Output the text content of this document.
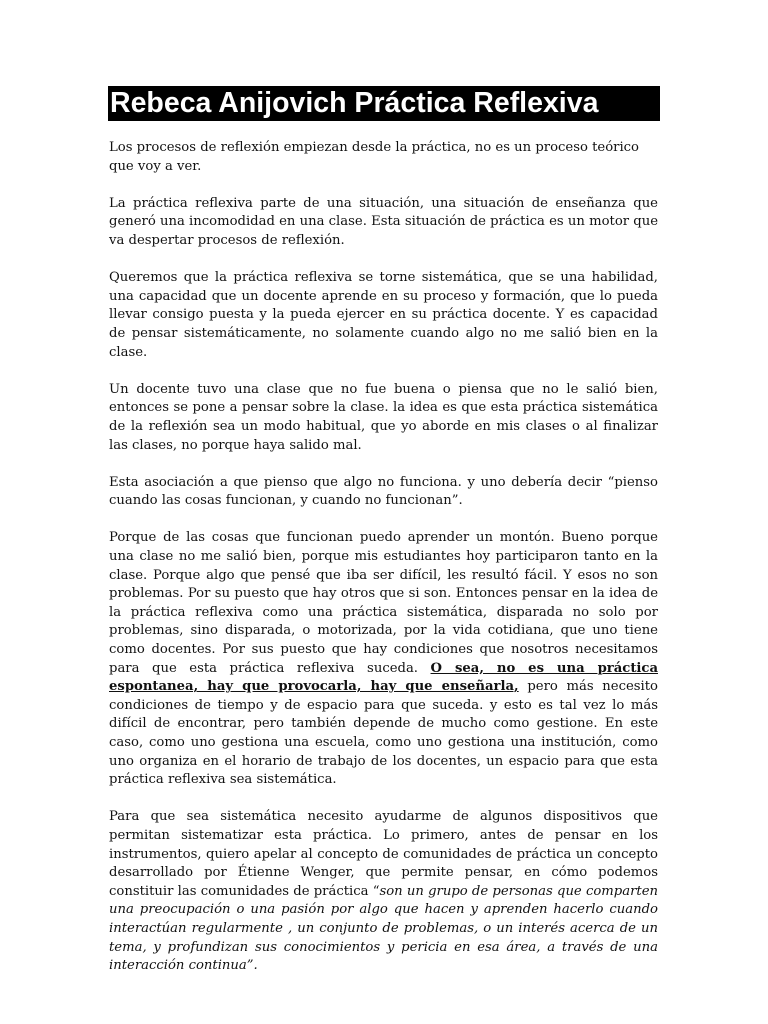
Rebeca Anijovich Práctica Reflexiva

Los procesos de reflexión empiezan desde la práctica, no es un proceso teórico que voy a ver.

La práctica reflexiva parte de una situación, una situación de enseñanza que generó una incomodidad en una clase. Esta situación de práctica es un motor que va despertar procesos de reflexión.

Queremos que la práctica reflexiva se torne sistemática, que se una habilidad, una capacidad que un docente aprende en su proceso y formación, que lo pueda llevar consigo puesta y la pueda ejercer en su práctica docente. Y es capacidad de pensar sistemáticamente, no solamente cuando algo no me salió bien en la clase.

Un docente tuvo una clase que no fue buena o piensa que no le salió bien, entonces se pone a pensar sobre la clase. la idea es que esta práctica sistemática de la reflexión sea un modo habitual, que yo aborde en mis clases o al finalizar las clases, no porque haya salido mal.

Esta asociación a que pienso que algo no funciona. y uno debería decir “pienso cuando las cosas funcionan, y cuando no funcionan”.

Porque de las cosas que funcionan puedo aprender un montón. Bueno porque una clase no me salió bien, porque mis estudiantes hoy participaron tanto en la clase. Porque algo que pensé que iba ser difícil, les resultó fácil. Y esos no son problemas. Por su puesto que hay otros que si son. Entonces pensar en la idea de la práctica reflexiva como una práctica sistemática, disparada no solo por problemas, sino disparada, o motorizada, por la vida cotidiana, que uno tiene como docentes. Por sus puesto que hay condiciones que nosotros necesitamos para que esta práctica reflexiva suceda. O sea, no es una práctica espontanea, hay que provocarla, hay que enseñarla, pero más necesito condiciones de tiempo y de espacio para que suceda. y esto es tal vez lo más difícil de encontrar, pero también depende de mucho como gestione. En este caso, como uno gestiona una escuela, como uno gestiona una institución, como uno organiza en el horario de trabajo de los docentes, un espacio para que esta práctica reflexiva sea sistemática.

Para que sea sistemática necesito ayudarme de algunos dispositivos que permitan sistematizar esta práctica. Lo primero, antes de pensar en los instrumentos, quiero apelar al concepto de comunidades de práctica un concepto desarrollado por Étienne Wenger, que permite pensar, en cómo podemos constituir las comunidades de práctica “son un grupo de personas que comparten una preocupación o una pasión por algo que hacen y aprenden hacerlo cuando interactúan regularmente , un conjunto de problemas, o un interés acerca de un tema, y profundizan sus conocimientos y pericia en esa área, a través de una interacción continua”.
